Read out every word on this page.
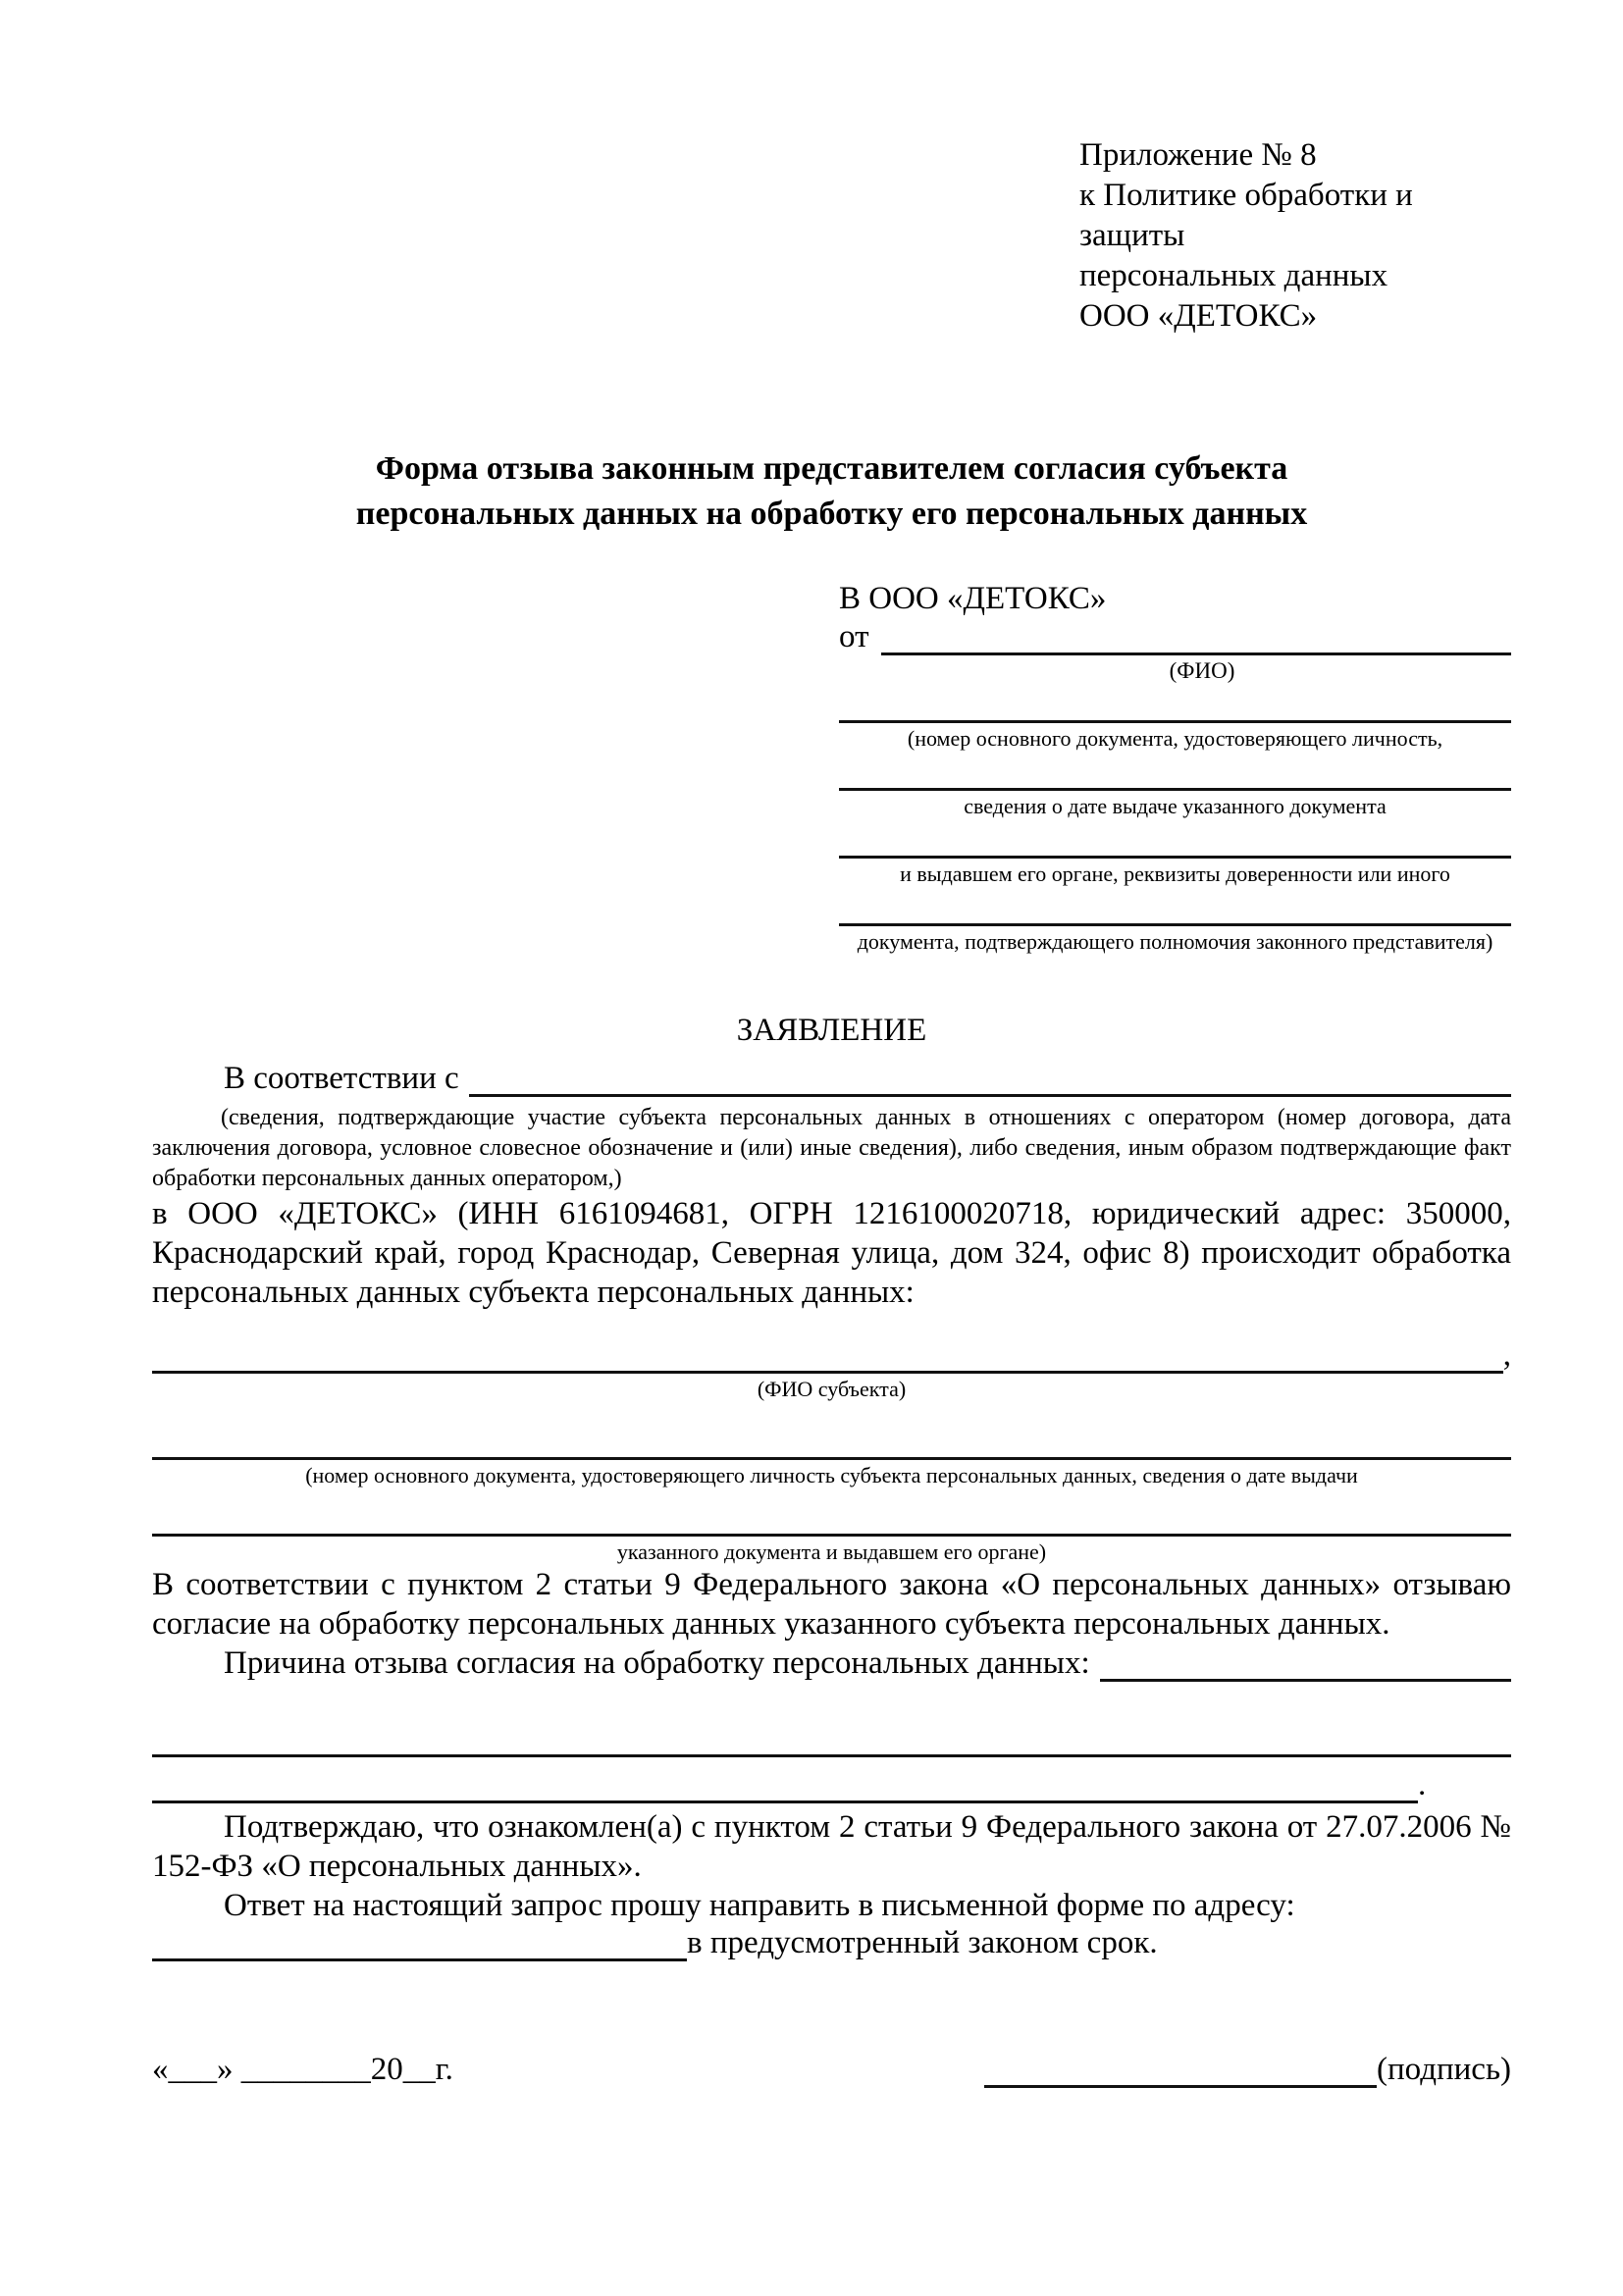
Приложение № 8
к Политике обработки и защиты
персональных данных
ООО «ДЕТОКС»
Форма отзыва законным представителем согласия субъекта
персональных данных на обработку его персональных данных
В ООО «ДЕТОКС»
от
(ФИО)
(номер основного документа, удостоверяющего личность,
сведения о дате выдаче указанного документа
и выдавшем его органе, реквизиты доверенности или иного
документа, подтверждающего полномочия законного представителя)
ЗАЯВЛЕНИЕ
В соответствии с
(сведения, подтверждающие участие субъекта персональных данных в отношениях с оператором (номер договора, дата заключения договора, условное словесное обозначение и (или) иные сведения), либо сведения, иным образом подтверждающие факт обработки персональных данных оператором,)
в ООО «ДЕТОКС» (ИНН 6161094681, ОГРН 1216100020718, юридический адрес: 350000, Краснодарский край, город Краснодар, Северная улица, дом 324, офис 8) происходит обработка персональных данных субъекта персональных данных:
,
(ФИО субъекта)
(номер основного документа, удостоверяющего личность субъекта персональных данных, сведения о дате выдачи
указанного документа и выдавшем его органе)
В соответствии с пунктом 2 статьи 9 Федерального закона «О персональных данных» отзываю согласие на обработку персональных данных указанного субъекта персональных данных.
Причина отзыва согласия на обработку персональных данных:
.
Подтверждаю, что ознакомлен(а) с пунктом 2 статьи 9 Федерального закона от 27.07.2006 № 152-ФЗ «О персональных данных».
Ответ на настоящий запрос прошу направить в письменной форме по адресу:
в предусмотренный законом срок.
«___» ________20__г.	(подпись)
